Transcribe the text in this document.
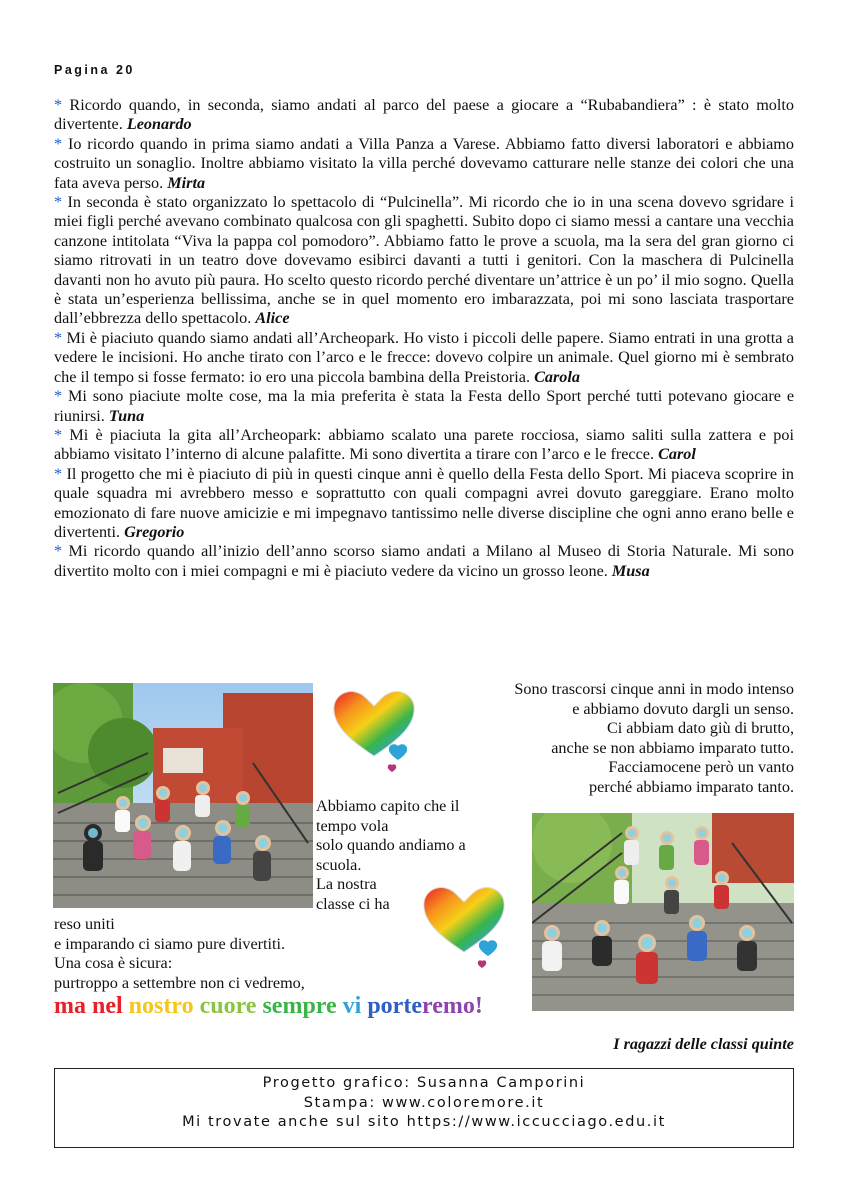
Pagina 20

* Ricordo quando, in seconda, siamo andati al parco del paese a giocare a “Rubabandiera” : è stato molto divertente. Leonardo

* Io ricordo quando in prima siamo andati a Villa Panza a Varese. Abbiamo fatto diversi laboratori e abbiamo costruito un sonaglio. Inoltre abbiamo visitato la villa perché dovevamo catturare nelle stanze dei colori che una fata aveva perso. Mirta

* In seconda è stato organizzato lo spettacolo di “Pulcinella”. Mi ricordo che io in una scena dovevo sgridare i miei figli perché avevano combinato qualcosa con gli spaghetti. Subito dopo ci siamo messi a cantare una vecchia canzone intitolata “Viva la pappa col pomodoro”. Abbiamo fatto le prove a scuola, ma la sera del gran giorno ci siamo ritrovati in un teatro dove dovevamo esibirci davanti a tutti i genitori. Con la maschera di Pulcinella davanti non ho avuto più paura. Ho scelto questo ricordo perché diventare un’attrice è un po’ il mio sogno. Quella è stata un’esperienza bellissima, anche se in quel momento ero imbarazzata, poi mi sono lasciata trasportare dall’ebbrezza dello spettacolo. Alice

* Mi è piaciuto quando siamo andati all’Archeopark. Ho visto i piccoli delle papere. Siamo entrati in una grotta a vedere le incisioni. Ho anche tirato con l’arco e le frecce: dovevo colpire un animale. Quel giorno mi è sembrato che il tempo si fosse fermato: io ero una piccola bambina della Preistoria. Carola

* Mi sono piaciute molte cose, ma la mia preferita è stata la Festa dello Sport perché tutti potevano giocare e riunirsi. Tuna

* Mi è piaciuta la gita all’Archeopark: abbiamo scalato una parete rocciosa, siamo saliti sulla zattera e poi abbiamo visitato l’interno di alcune palafitte. Mi sono divertita a tirare con l’arco e le frecce. Carol

* Il progetto che mi è piaciuto di più in questi cinque anni è quello della Festa dello Sport. Mi piaceva scoprire in quale squadra mi avrebbero messo e soprattutto con quali compagni avrei dovuto gareggiare. Erano molto emozionato di fare nuove amicizie e mi impegnavo tantissimo nelle diverse discipline che ogni anno erano belle e divertenti. Gregorio

* Mi ricordo quando all’inizio dell’anno scorso siamo andati a Milano al Museo di Storia Naturale. Mi sono divertito molto con i miei compagni e mi è piaciuto vedere da vicino un grosso leone. Musa

Sono trascorsi cinque anni in modo intenso
e abbiamo dovuto dargli un senso.
Ci abbiam dato giù di brutto,
anche se non abbiamo imparato tutto.
Facciamocene però un vanto
perché abbiamo imparato tanto.
Abbiamo capito che il
tempo vola
solo quando andiamo a
scuola.
La nostra
classe ci ha
reso uniti
e imparando ci siamo pure divertiti.
Una cosa è sicura:
purtroppo a settembre non ci vedremo,
ma nel nostro cuore sempre vi porteremo!
I ragazzi delle classi quinte
Progetto grafico: Susanna Camporini
Stampa: www.coloremore.it
Mi trovate anche sul sito https://www.iccucciago.edu.it
